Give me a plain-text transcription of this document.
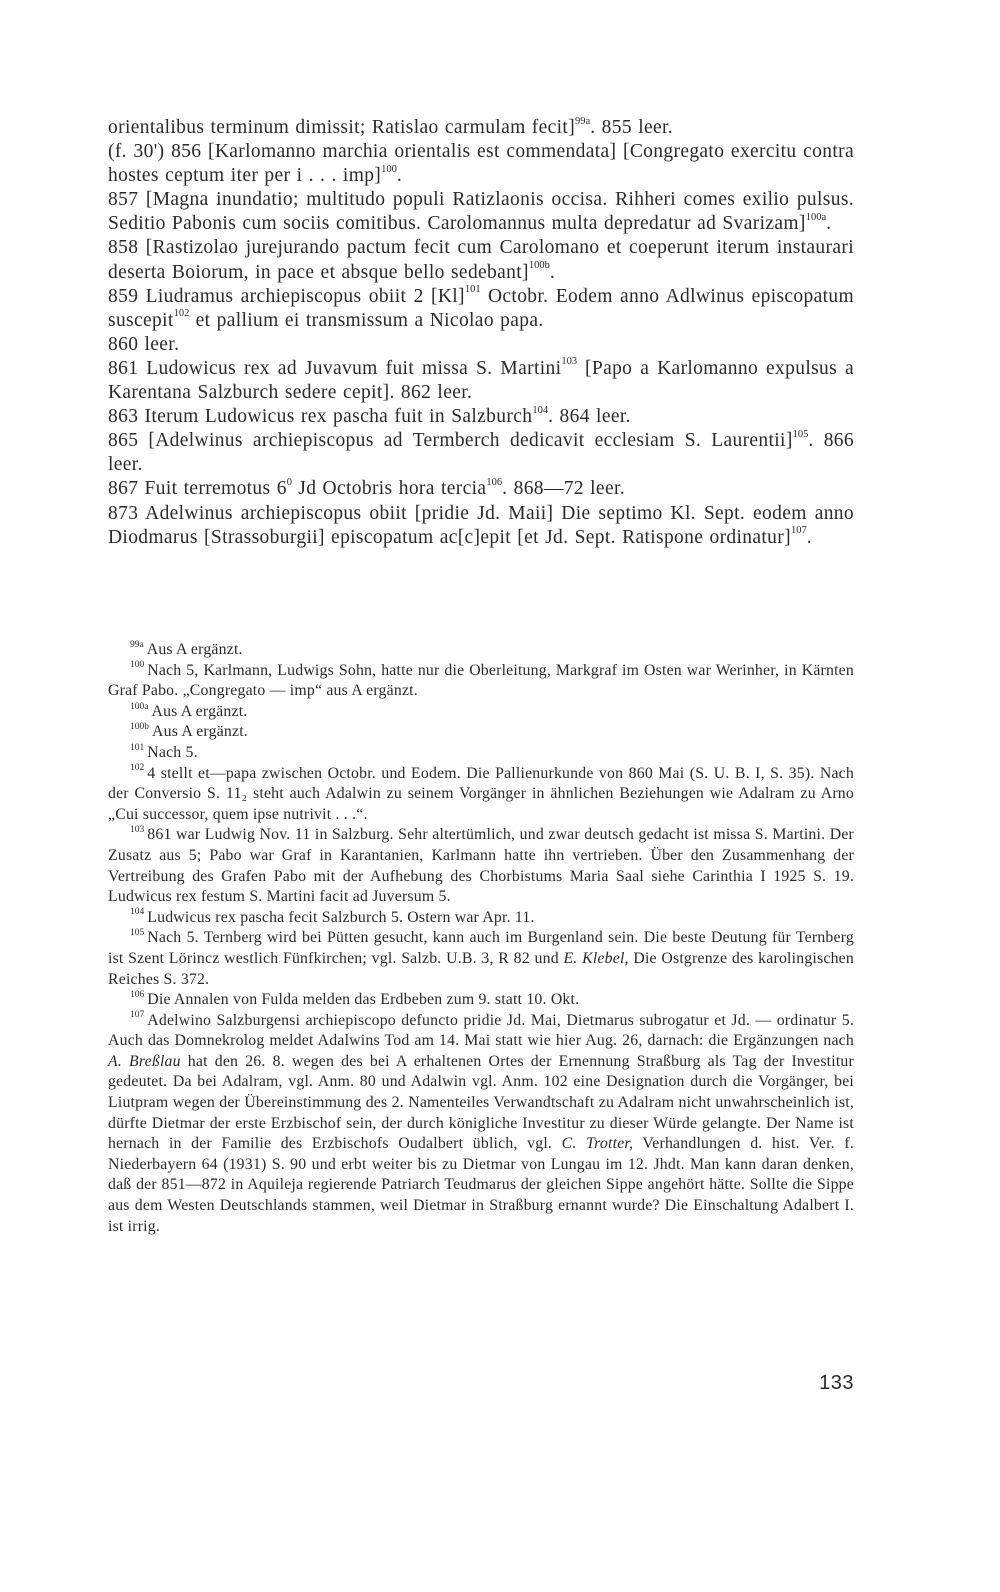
orientalibus terminum dimissit; Ratislao carmulam fecit]$^{99a}$. 855 leer.

(f. 30') 856 [Karlomanno marchia orientalis est commendata] [Congregato exercitu contra hostes ceptum iter per i . . . imp]$^{100}$.

857 [Magna inundatio; multitudo populi Ratizlaonis occisa. Rihheri comes exilio pulsus. Seditio Pabonis cum sociis comitibus. Carolomannus multa depredatur ad Svarizam]$^{100a}$.

858 [Rastizolao jurejurando pactum fecit cum Carolomano et coeperunt iterum instaurari deserta Boiorum, in pace et absque bello sedebant]$^{100b}$.

859 Liudramus archiepiscopus obiit 2 $[Kl]^{101}$ Octobr. Eodem anno Adlwinus episcopatum suscepit$^{102}$ et pallium ei transmissum a Nicolao papa.

860 leer.

861 Ludowicus rex ad Juvavum fuit missa S. Martini$^{103}$ [Papo a Karlomanno expulsus a Karentana Salzburch sedere cepit]. 862 leer.

863 Iterum Ludowicus rex pascha fuit in Salzburch$^{104}$. 864 leer.

865 [Adelwinus archiepiscopus ad Termberch dedicavit ecclesiam S. Laurentii]$^{105}$. 866 leer.

867 Fuit terremotus $6^0$ Jd Octobris hora tercia$^{106}$. 868—72 leer.

873 Adelwinus archiepiscopus obiit [pridie Jd. Maii] Die septimo Kl. Sept. eodem anno Diodmarus [Strassoburgii] episcopatum ac[c]epit [et Jd. Sept. Ratispone ordinatur]$^{107}$.

$^{99a}$ Aus A ergänzt.

$^{100}$ Nach 5, Karlmann, Ludwigs Sohn, hatte nur die Oberleitung, Markgraf im Osten war Werinher, in Kärnten Graf Pabo. „Congregato — imp“ aus A ergänzt.

$^{100a}$ Aus A ergänzt.

$^{100b}$ Aus A ergänzt.

$^{101}$ Nach 5.

$^{102}$ 4 stellt et—papa zwischen Octobr. und Eodem. Die Pallienurkunde von 860 Mai (S. U. B. I, S. 35). Nach der Conversio S. 11₂ steht auch Adalwin zu seinem Vorgänger in ähnlichen Beziehungen wie Adalram zu Arno „Cui successor, quem ipse nutrivit . . .“.

$^{103}$ 861 war Ludwig Nov. 11 in Salzburg. Sehr altertümlich, und zwar deutsch gedacht ist missa S. Martini. Der Zusatz aus 5; Pabo war Graf in Karantanien, Karlmann hatte ihn vertrieben. Über den Zusammenhang der Vertreibung des Grafen Pabo mit der Aufhebung des Chorbistums Maria Saal siehe Carinthia I 1925 S. 19. Ludwicus rex festum S. Martini facit ad Juversum 5.

$^{104}$ Ludwicus rex pascha fecit Salzburch 5. Ostern war Apr. 11.

$^{105}$ Nach 5. Ternberg wird bei Pütten gesucht, kann auch im Burgenland sein. Die beste Deutung für Ternberg ist Szent Lörincz westlich Fünfkirchen; vgl. Salzb. U.B. 3, R 82 und E. Klebel, Die Ostgrenze des karolingischen Reiches S. 372.

$^{106}$ Die Annalen von Fulda melden das Erdbeben zum 9. statt 10. Okt.

$^{107}$ Adelwino Salzburgensi archiepiscopo defuncto pridie Jd. Mai, Dietmarus subrogatur et Jd. — ordinatur 5. Auch das Domnekrolog meldet Adalwins Tod am 14. Mai statt wie hier Aug. 26, darnach: die Ergänzungen nach A. Breßlau hat den 26. 8. wegen des bei A erhaltenen Ortes der Ernennung Straßburg als Tag der Investitur gedeutet. Da bei Adalram, vgl. Anm. 80 und Adalwin vgl. Anm. 102 eine Designation durch die Vorgänger, bei Liutpram wegen der Übereinstimmung des 2. Namenteiles Verwandtschaft zu Adalram nicht unwahrscheinlich ist, dürfte Dietmar der erste Erzbischof sein, der durch königliche Investitur zu dieser Würde gelangte. Der Name ist hernach in der Familie des Erzbischofs Oudalbert üblich, vgl. C. Trotter, Verhandlungen d. hist. Ver. f. Niederbayern 64 (1931) S. 90 und erbt weiter bis zu Dietmar von Lungau im 12. Jhdt. Man kann daran denken, daß der 851—872 in Aquileja regierende Patriarch Teudmarus der gleichen Sippe angehört hätte. Sollte die Sippe aus dem Westen Deutschlands stammen, weil Dietmar in Straßburg ernannt wurde? Die Einschaltung Adalbert I. ist irrig.

133
